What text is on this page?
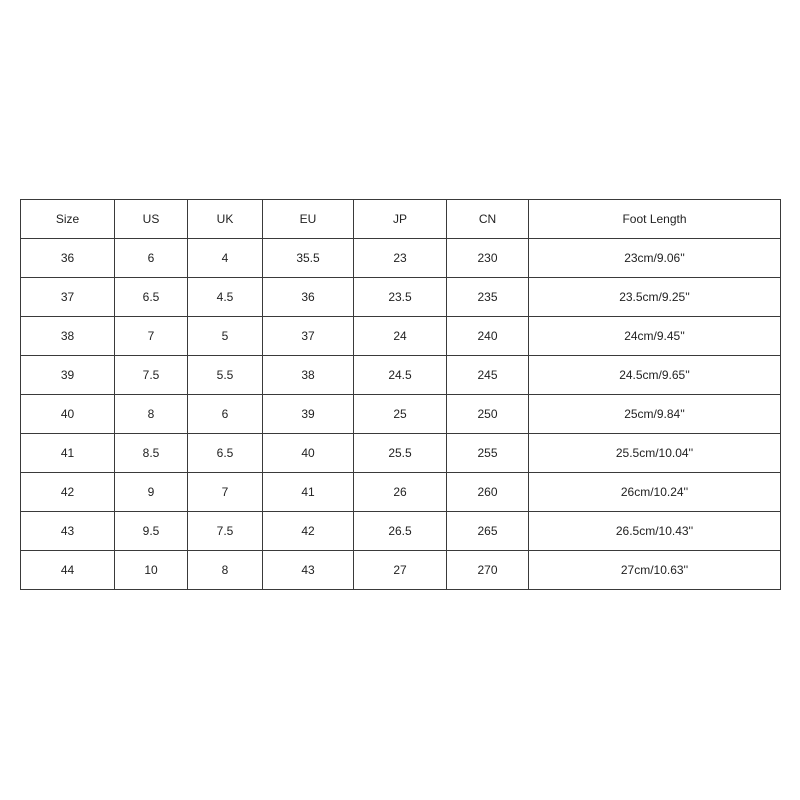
Size	US	UK	EU	JP	CN	Foot Length
36	6	4	35.5	23	230	23cm/9.06''
37	6.5	4.5	36	23.5	235	23.5cm/9.25''
38	7	5	37	24	240	24cm/9.45''
39	7.5	5.5	38	24.5	245	24.5cm/9.65''
40	8	6	39	25	250	25cm/9.84''
41	8.5	6.5	40	25.5	255	25.5cm/10.04''
42	9	7	41	26	260	26cm/10.24''
43	9.5	7.5	42	26.5	265	26.5cm/10.43''
44	10	8	43	27	270	27cm/10.63''
